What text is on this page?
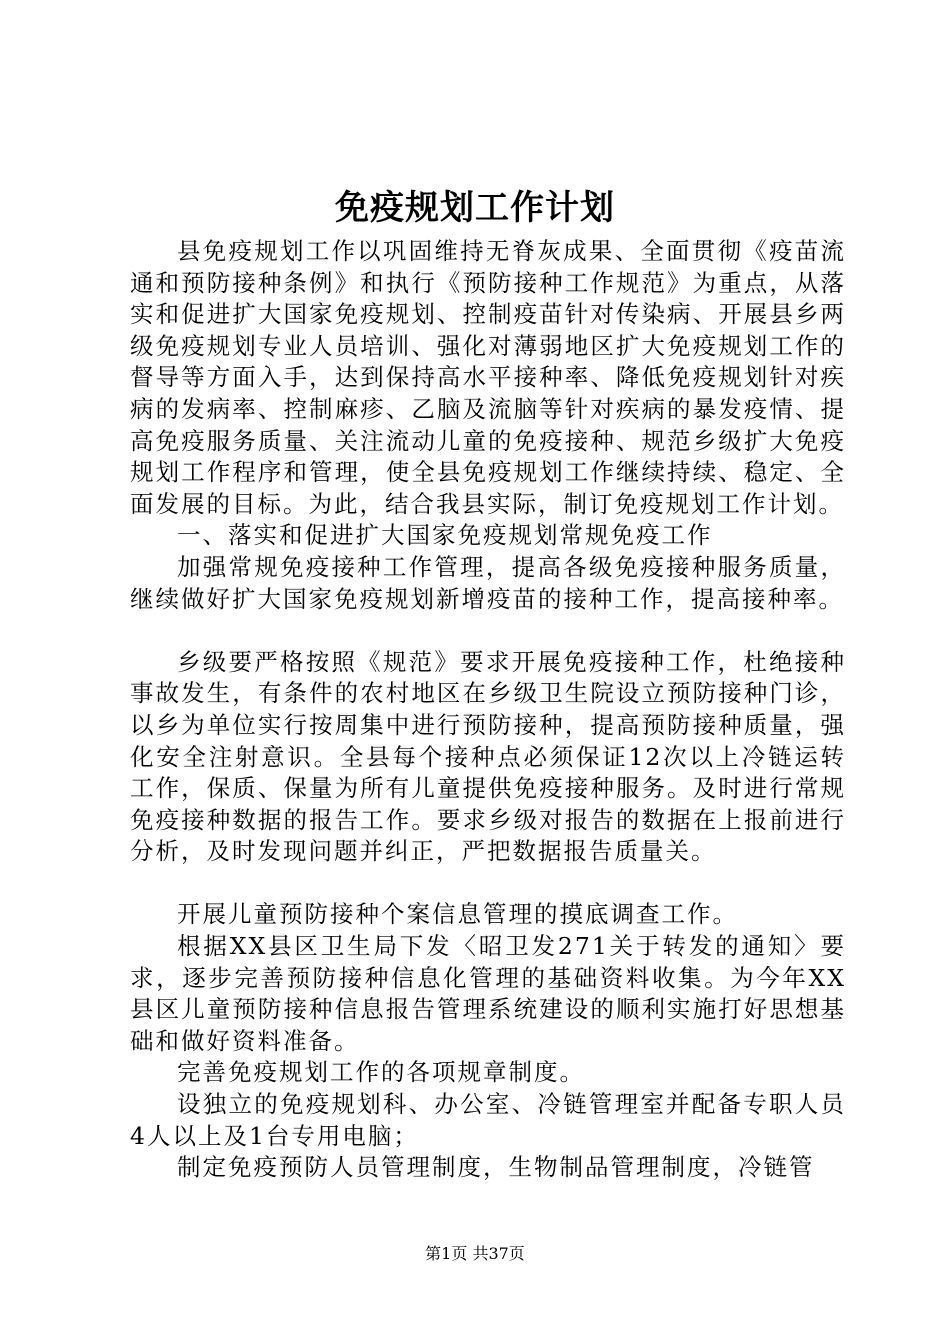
免疫规划工作计划

县免疫规划工作以巩固维持无脊灰成果、全面贯彻《疫苗流通和预防接种条例》和执行《预防接种工作规范》为重点，从落实和促进扩大国家免疫规划、控制疫苗针对传染病、开展县乡两级免疫规划专业人员培训、强化对薄弱地区扩大免疫规划工作的督导等方面入手，达到保持高水平接种率、降低免疫规划针对疾病的发病率、控制麻疹、乙脑及流脑等针对疾病的暴发疫情、提高免疫服务质量、关注流动儿童的免疫接种、规范乡级扩大免疫规划工作程序和管理，使全县免疫规划工作继续持续、稳定、全面发展的目标。为此，结合我县实际，制订免疫规划工作计划。

一、落实和促进扩大国家免疫规划常规免疫工作

加强常规免疫接种工作管理，提高各级免疫接种服务质量，继续做好扩大国家免疫规划新增疫苗的接种工作，提高接种率。

乡级要严格按照《规范》要求开展免疫接种工作，杜绝接种事故发生，有条件的农村地区在乡级卫生院设立预防接种门诊，以乡为单位实行按周集中进行预防接种，提高预防接种质量，强化安全注射意识。全县每个接种点必须保证12次以上冷链运转工作，保质、保量为所有儿童提供免疫接种服务。及时进行常规免疫接种数据的报告工作。要求乡级对报告的数据在上报前进行分析，及时发现问题并纠正，严把数据报告质量关。

开展儿童预防接种个案信息管理的摸底调查工作。

根据XX县区卫生局下发〈昭卫发271关于转发的通知〉要求，逐步完善预防接种信息化管理的基础资料收集。为今年XX县区儿童预防接种信息报告管理系统建设的顺利实施打好思想基础和做好资料准备。

完善免疫规划工作的各项规章制度。

设独立的免疫规划科、办公室、冷链管理室并配备专职人员4人以上及1台专用电脑；

制定免疫预防人员管理制度，生物制品管理制度，冷链管

第1页 共37页
